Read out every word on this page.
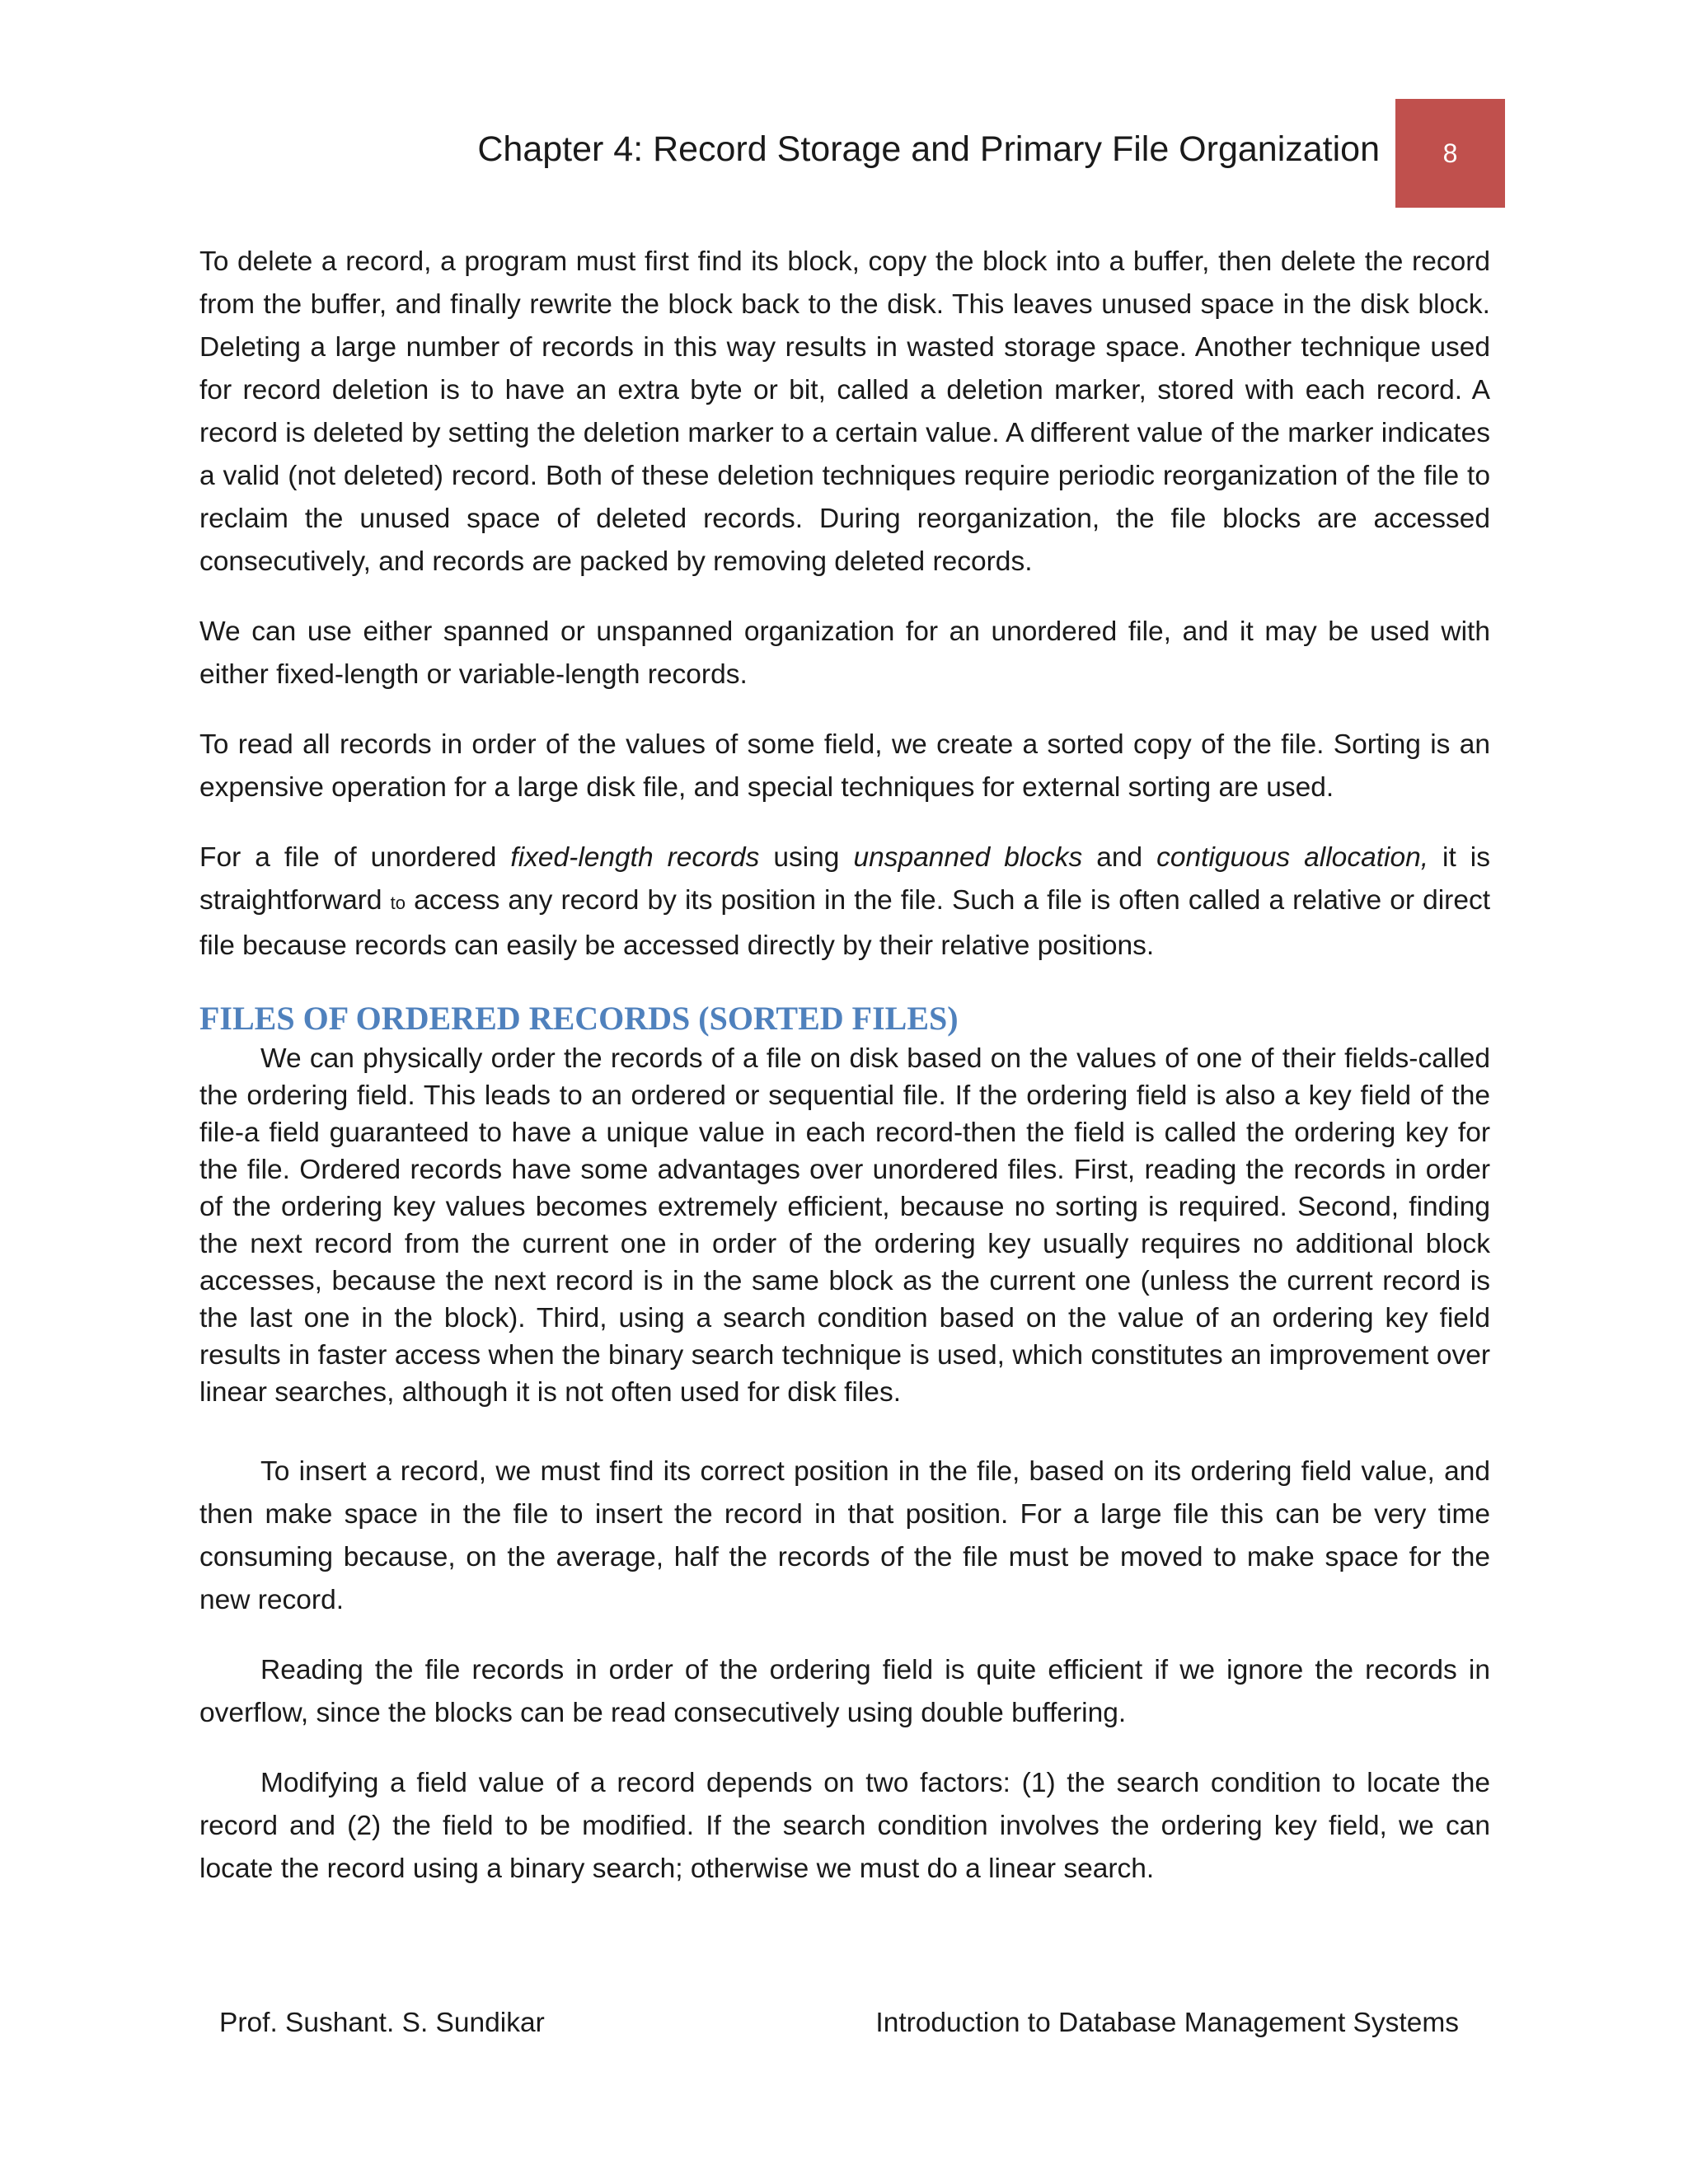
Chapter 4: Record Storage and Primary File Organization 8

To delete a record, a program must first find its block, copy the block into a buffer, then delete the record from the buffer, and finally rewrite the block back to the disk. This leaves unused space in the disk block. Deleting a large number of records in this way results in wasted storage space. Another technique used for record deletion is to have an extra byte or bit, called a deletion marker, stored with each record. A record is deleted by setting the deletion marker to a certain value. A different value of the marker indicates a valid (not deleted) record. Both of these deletion techniques require periodic reorganization of the file to reclaim the unused space of deleted records. During reorganization, the file blocks are accessed consecutively, and records are packed by removing deleted records.

We can use either spanned or unspanned organization for an unordered file, and it may be used with either fixed-length or variable-length records.

To read all records in order of the values of some field, we create a sorted copy of the file. Sorting is an expensive operation for a large disk file, and special techniques for external sorting are used.

For a file of unordered fixed-length records using unspanned blocks and contiguous allocation, it is straightforward to access any record by its position in the file. Such a file is often called a relative or direct file because records can easily be accessed directly by their relative positions.

FILES OF ORDERED RECORDS (SORTED FILES)

We can physically order the records of a file on disk based on the values of one of their fields-called the ordering field. This leads to an ordered or sequential file. If the ordering field is also a key field of the file-a field guaranteed to have a unique value in each record-then the field is called the ordering key for the file. Ordered records have some advantages over unordered files. First, reading the records in order of the ordering key values becomes extremely efficient, because no sorting is required. Second, finding the next record from the current one in order of the ordering key usually requires no additional block accesses, because the next record is in the same block as the current one (unless the current record is the last one in the block). Third, using a search condition based on the value of an ordering key field results in faster access when the binary search technique is used, which constitutes an improvement over linear searches, although it is not often used for disk files.

To insert a record, we must find its correct position in the file, based on its ordering field value, and then make space in the file to insert the record in that position. For a large file this can be very time consuming because, on the average, half the records of the file must be moved to make space for the new record.

Reading the file records in order of the ordering field is quite efficient if we ignore the records in overflow, since the blocks can be read consecutively using double buffering.

Modifying a field value of a record depends on two factors: (1) the search condition to locate the record and (2) the field to be modified. If the search condition involves the ordering key field, we can locate the record using a binary search; otherwise we must do a linear search.

Prof. Sushant. S. Sundikar	Introduction to Database Management Systems
